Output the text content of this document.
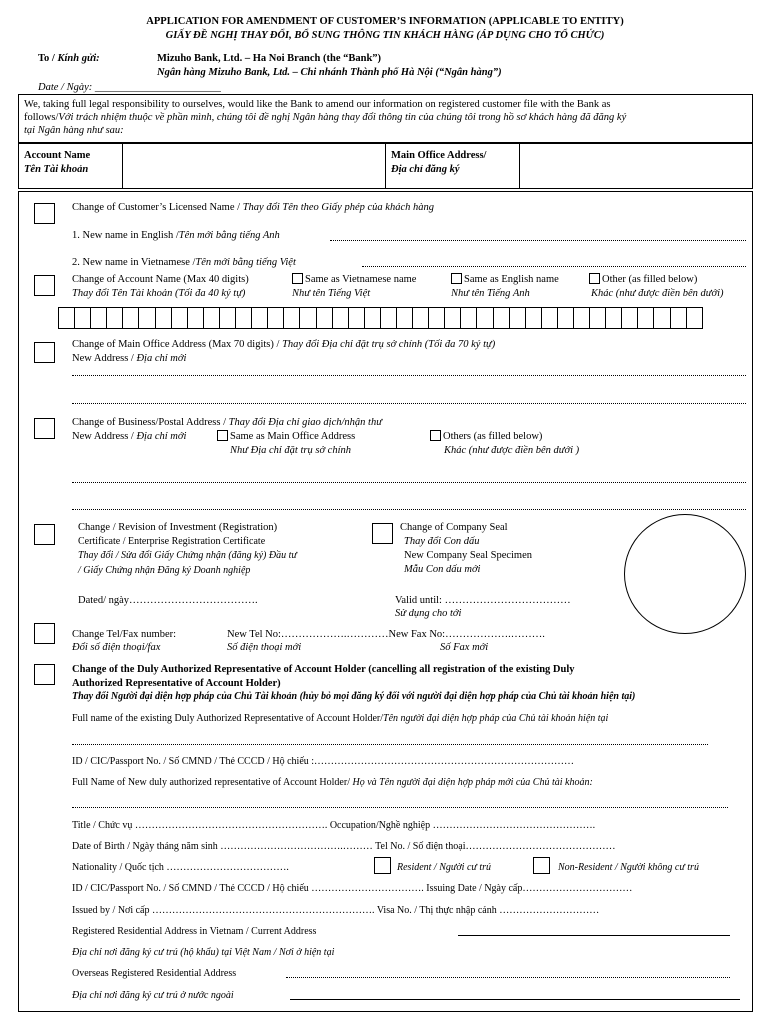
APPLICATION FOR AMENDMENT OF CUSTOMER’S INFORMATION (APPLICABLE TO ENTITY)
GIẤY ĐỀ NGHỊ THAY ĐỔI, BỔ SUNG THÔNG TIN KHÁCH HÀNG (ÁP DỤNG CHO TỔ CHỨC)
To / Kính gửi:	Mizuho Bank, Ltd. – Ha Noi Branch (the “Bank”)
Ngân hàng Mizuho Bank, Ltd. – Chi nhánh Thành phố Hà Nội (“Ngân hàng”)
Date / Ngày: ________________________
We, taking full legal responsibility to ourselves, would like the Bank to amend our information on registered customer file with the Bank as
follows/Với trách nhiệm thuộc về phần mình, chúng tôi đề nghị Ngân hàng thay đổi thông tin của chúng tôi trong hồ sơ khách hàng đã đăng ký
tại Ngân hàng như sau:
Account Name
Tên Tài khoản
Main Office Address/
Địa chỉ đăng ký
Change of Customer’s Licensed Name / Thay đổi Tên theo Giấy phép của khách hàng
1. New name in English /Tên mới bằng tiếng Anh
2. New name in Vietnamese /Tên mới bằng tiếng Việt
Change of Account Name (Max 40 digits)
Thay đổi Tên Tài khoản (Tối đa 40 ký tự)
Same as Vietnamese name
Như tên Tiếng Việt
Same as English name
Như tên Tiếng Anh
Other (as filled below)
Khác (như được điền bên dưới)
Change of Main Office Address (Max 70 digits) / Thay đổi Địa chỉ đặt trụ sở chính (Tối đa 70 ký tự)
New Address / Địa chỉ mới
Change of Business/Postal Address / Thay đổi Địa chỉ giao dịch/nhận thư
New Address / Địa chỉ mới	Same as Main Office Address
Như Địa chỉ đặt trụ sở chính
Others (as filled below)
Khác (như được điền bên dưới )
Change / Revision of Investment (Registration)
Certificate / Enterprise Registration Certificate
Thay đổi / Sửa đổi Giấy Chứng nhận (đăng ký) Đầu tư
/ Giấy Chứng nhận Đăng ký Doanh nghiệp
Dated/ ngày……………………………….
Change of Company Seal
Thay đổi Con dấu
New Company Seal Specimen
Mẫu Con dấu mới
Valid until: ………………………………
Sử dụng cho tới
Change Tel/Fax number:
Đổi số điện thoại/fax
New Tel No:……………….…………New Fax No:……………….……….
Số điện thoại mới	Số Fax mới
Change of the Duly Authorized Representative of Account Holder (cancelling all registration of the existing Duly
Authorized Representative of Account Holder)
Thay đổi Người đại diện hợp pháp của Chủ Tài khoản (hủy bỏ mọi đăng ký đối với người đại diện hợp pháp của Chủ tài khoản hiện tại)
Full name of the existing Duly Authorized Representative of Account Holder/Tên người đại diện hợp pháp của Chủ tài khoản hiện tại
ID / CIC/Passport No. / Số CMND / Thẻ CCCD / Hộ chiếu :……………………………………………………………………
Full Name of New duly authorized representative of Account Holder/ Họ và Tên người đại diện hợp pháp mới của Chủ tài khoản:
Title / Chức vụ …………………………………………………. Occupation/Nghề nghiệp ………………………………………….
Date of Birth / Ngày tháng năm sinh ……………………………….……… Tel No. / Số điện thoại………………………………………
Nationality / Quốc tịch ……………………………….	Resident / Người cư trú	Non-Resident / Người không cư trú
ID / CIC/Passport No. / Số CMND / Thẻ CCCD / Hộ chiếu ……………………………. Issuing Date / Ngày cấp……………………………
Issued by / Nơi cấp …………………………………………………………. Visa No. / Thị thực nhập cảnh …………………………
Registered Residential Address in Vietnam / Current Address
Địa chỉ nơi đăng ký cư trú (hộ khẩu) tại Việt Nam / Nơi ở hiện tại
Overseas Registered Residential Address
Địa chỉ nơi đăng ký cư trú ở nước ngoài
